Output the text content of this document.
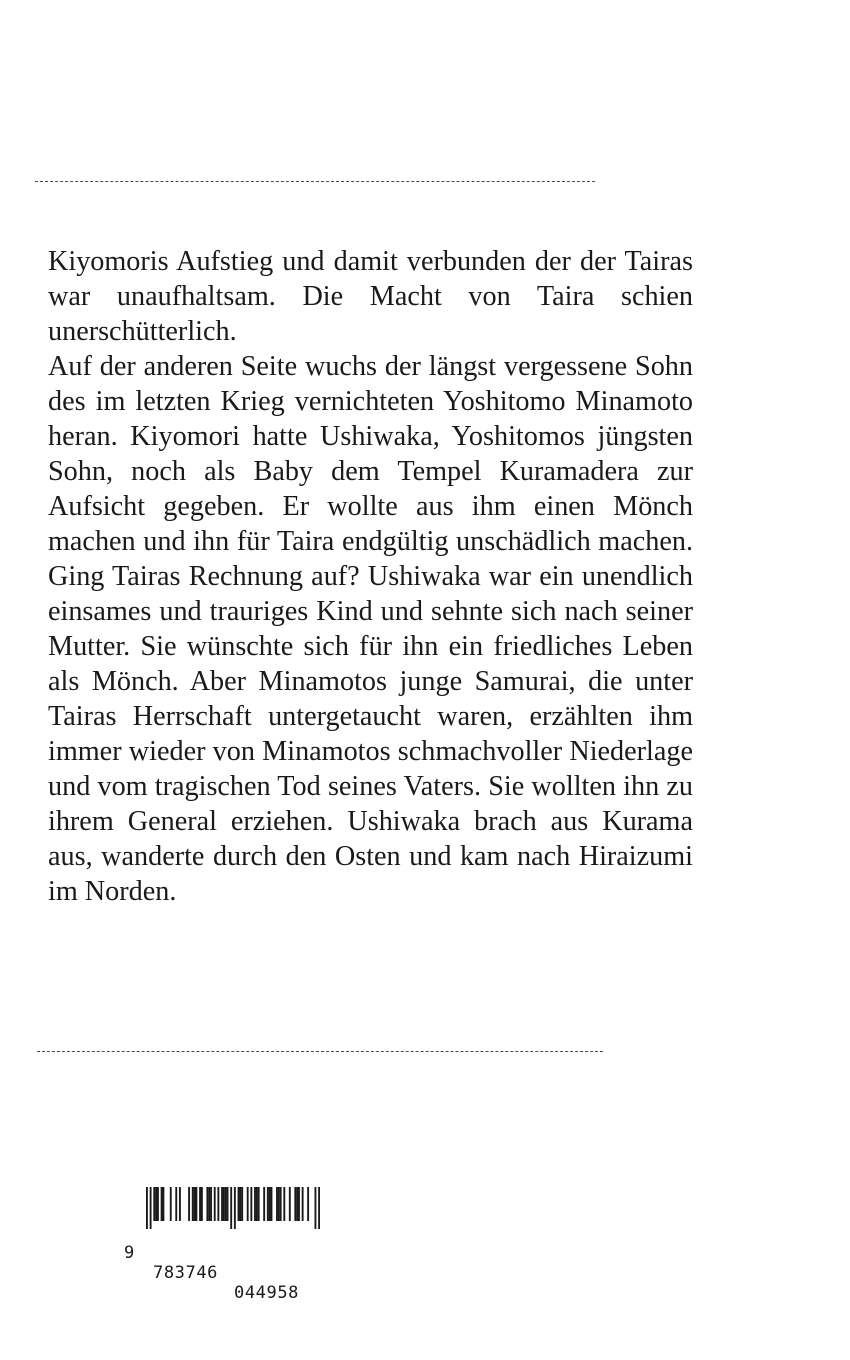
Kiyomoris Aufstieg und damit verbunden der der Tairas war unaufhaltsam. Die Macht von Taira schien unerschütterlich.

Auf der anderen Seite wuchs der längst vergessene Sohn des im letzten Krieg vernichteten Yoshitomo Minamoto heran. Kiyomori hatte Ushiwaka, Yoshitomos jüngsten Sohn, noch als Baby dem Tempel Kuramadera zur Aufsicht gegeben. Er wollte aus ihm einen Mönch machen und ihn für Taira endgültig unschädlich machen. Ging Tairas Rechnung auf? Ushiwaka war ein unendlich einsames und trauriges Kind und sehnte sich nach seiner Mutter. Sie wünschte sich für ihn ein friedliches Leben als Mönch. Aber Minamotos junge Samurai, die unter Tairas Herrschaft untergetaucht waren, erzählten ihm immer wieder von Minamotos schmachvoller Niederlage und vom tragischen Tod seines Vaters. Sie wollten ihn zu ihrem General erziehen. Ushiwaka brach aus Kurama aus, wanderte durch den Osten und kam nach Hiraizumi im Norden.

9

783746

044958
